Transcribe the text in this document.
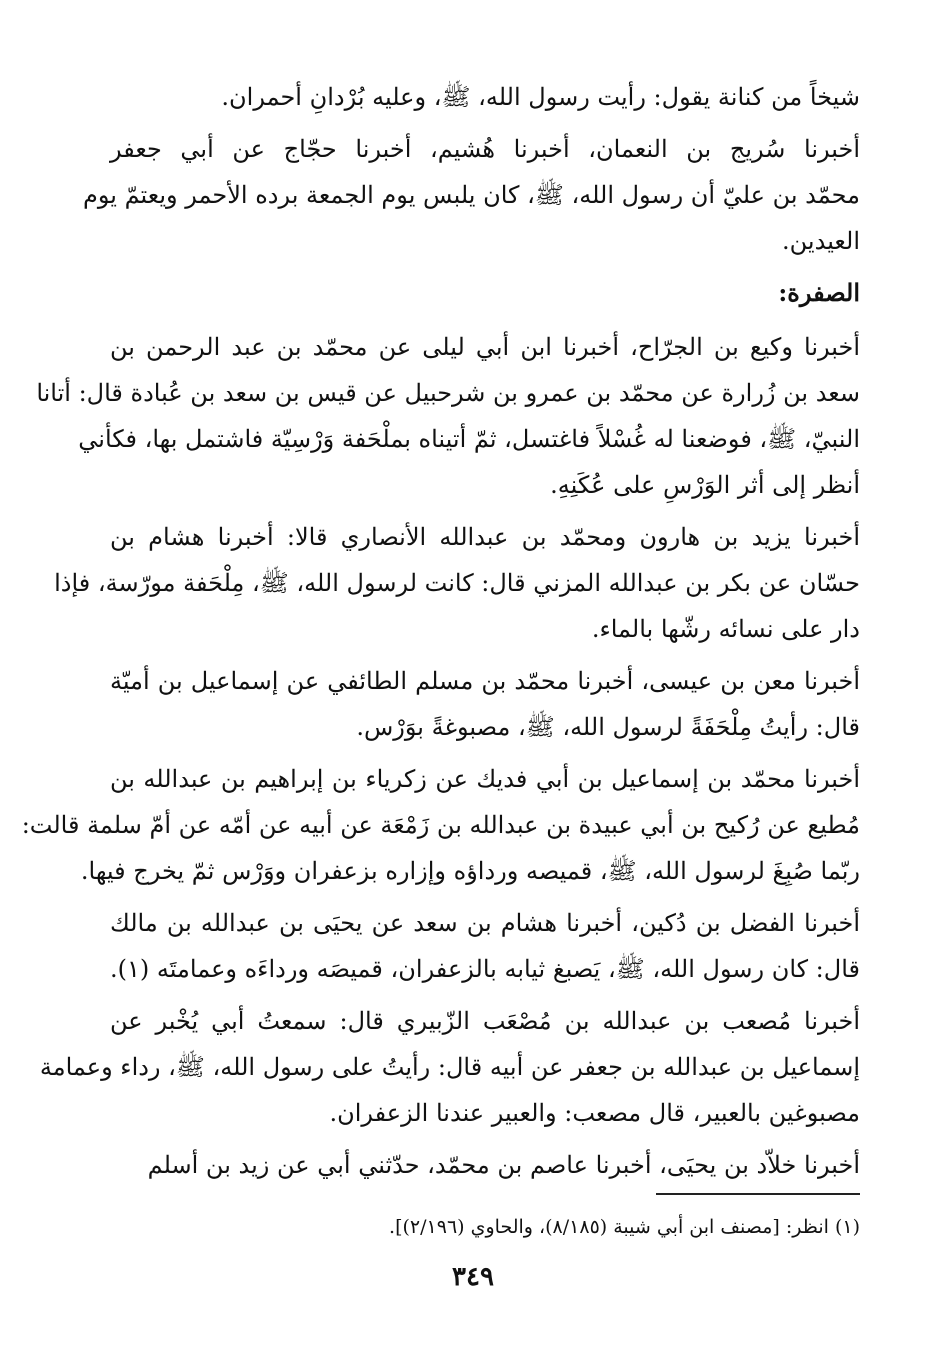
شيخاً من كنانة يقول: رأيت رسول الله، ﷺ، وعليه بُرْدانِ أحمران.
أخبرنا سُريج بن النعمان، أخبرنا هُشيم، أخبرنا حجّاج عن أبي جعفر
محمّد بن عليّ أن رسول الله، ﷺ، كان يلبس يوم الجمعة برده الأحمر ويعتمّ يوم
العيدين.
الصفرة:
أخبرنا وكيع بن الجرّاح، أخبرنا ابن أبي ليلى عن محمّد بن عبد الرحمن بن
سعد بن زُرارة عن محمّد بن عمرو بن شرحبيل عن قيس بن سعد بن عُبادة قال: أتانا
النبيّ، ﷺ، فوضعنا له غُسْلاً فاغتسل، ثمّ أتيناه بملْحَفة وَرْسِيّة فاشتمل بها، فكأني
أنظر إلى أثر الوَرْسِ على عُكَنِهِ.
أخبرنا يزيد بن هارون ومحمّد بن عبدالله الأنصاري قالا: أخبرنا هشام بن
حسّان عن بكر بن عبدالله المزني قال: كانت لرسول الله، ﷺ، مِلْحَفة مورّسة، فإذا
دار على نسائه رشّها بالماء.
أخبرنا معن بن عيسى، أخبرنا محمّد بن مسلم الطائفي عن إسماعيل بن أميّة
قال: رأيتُ مِلْحَفَةً لرسول الله، ﷺ، مصبوغةً بوَرْس.
أخبرنا محمّد بن إسماعيل بن أبي فديك عن زكرياء بن إبراهيم بن عبدالله بن
مُطيع عن رُكيح بن أبي عبيدة بن عبدالله بن زَمْعَة عن أبيه عن أمّه عن أمّ سلمة قالت:
ربّما صُبِغَ لرسول الله، ﷺ، قميصه ورداؤه وإزاره بزعفران ووَرْس ثمّ يخرج فيها.
أخبرنا الفضل بن دُكين، أخبرنا هشام بن سعد عن يحيَى بن عبدالله بن مالك
قال: كان رسول الله، ﷺ، يَصبغ ثيابه بالزعفران، قميصَه ورداءَه وعمامتَه (١).
أخبرنا مُصعب بن عبدالله بن مُصْعَب الزّبيري قال: سمعتُ أبي يُخْبر عن
إسماعيل بن عبدالله بن جعفر عن أبيه قال: رأيتُ على رسول الله، ﷺ، رداء وعمامة
مصبوغين بالعبير، قال مصعب: والعبير عندنا الزعفران.
أخبرنا خلاّد بن يحيَى، أخبرنا عاصم بن محمّد، حدّثني أبي عن زيد بن أسلم
(١) انظر: [مصنف ابن أبي شيبة (٨/١٨٥)، والحاوي (٢/١٩٦)].
٣٤٩
